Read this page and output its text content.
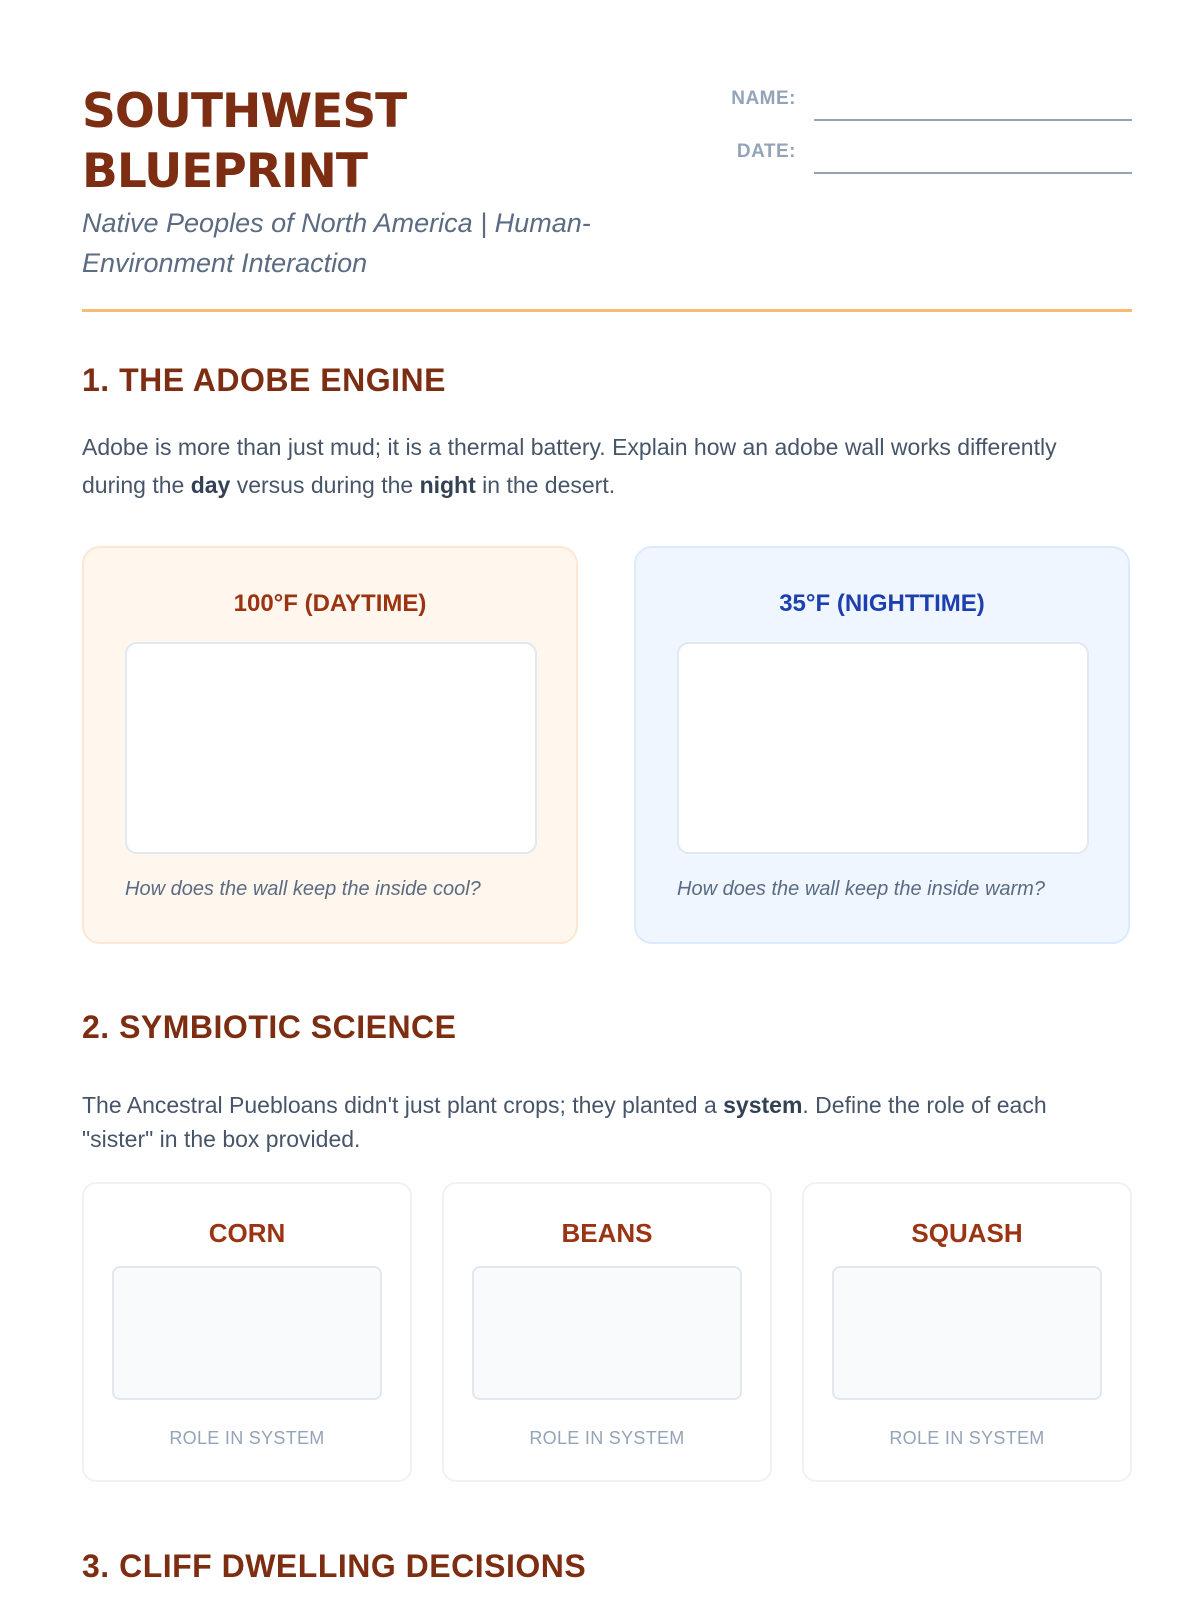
SOUTHWEST
BLUEPRINT

Native Peoples of North America | Human-Environment Interaction

NAME:
DATE:
1. THE ADOBE ENGINE

Adobe is more than just mud; it is a thermal battery. Explain how an adobe wall works differently during the day versus during the night in the desert.

100°F (DAYTIME)
How does the wall keep the inside cool?
35°F (NIGHTTIME)
How does the wall keep the inside warm?
2. SYMBIOTIC SCIENCE

The Ancestral Puebloans didn't just plant crops; they planted a system. Define the role of each "sister" in the box provided.

CORN
ROLE IN SYSTEM
BEANS
ROLE IN SYSTEM
SQUASH
ROLE IN SYSTEM
3. CLIFF DWELLING DECISIONS
